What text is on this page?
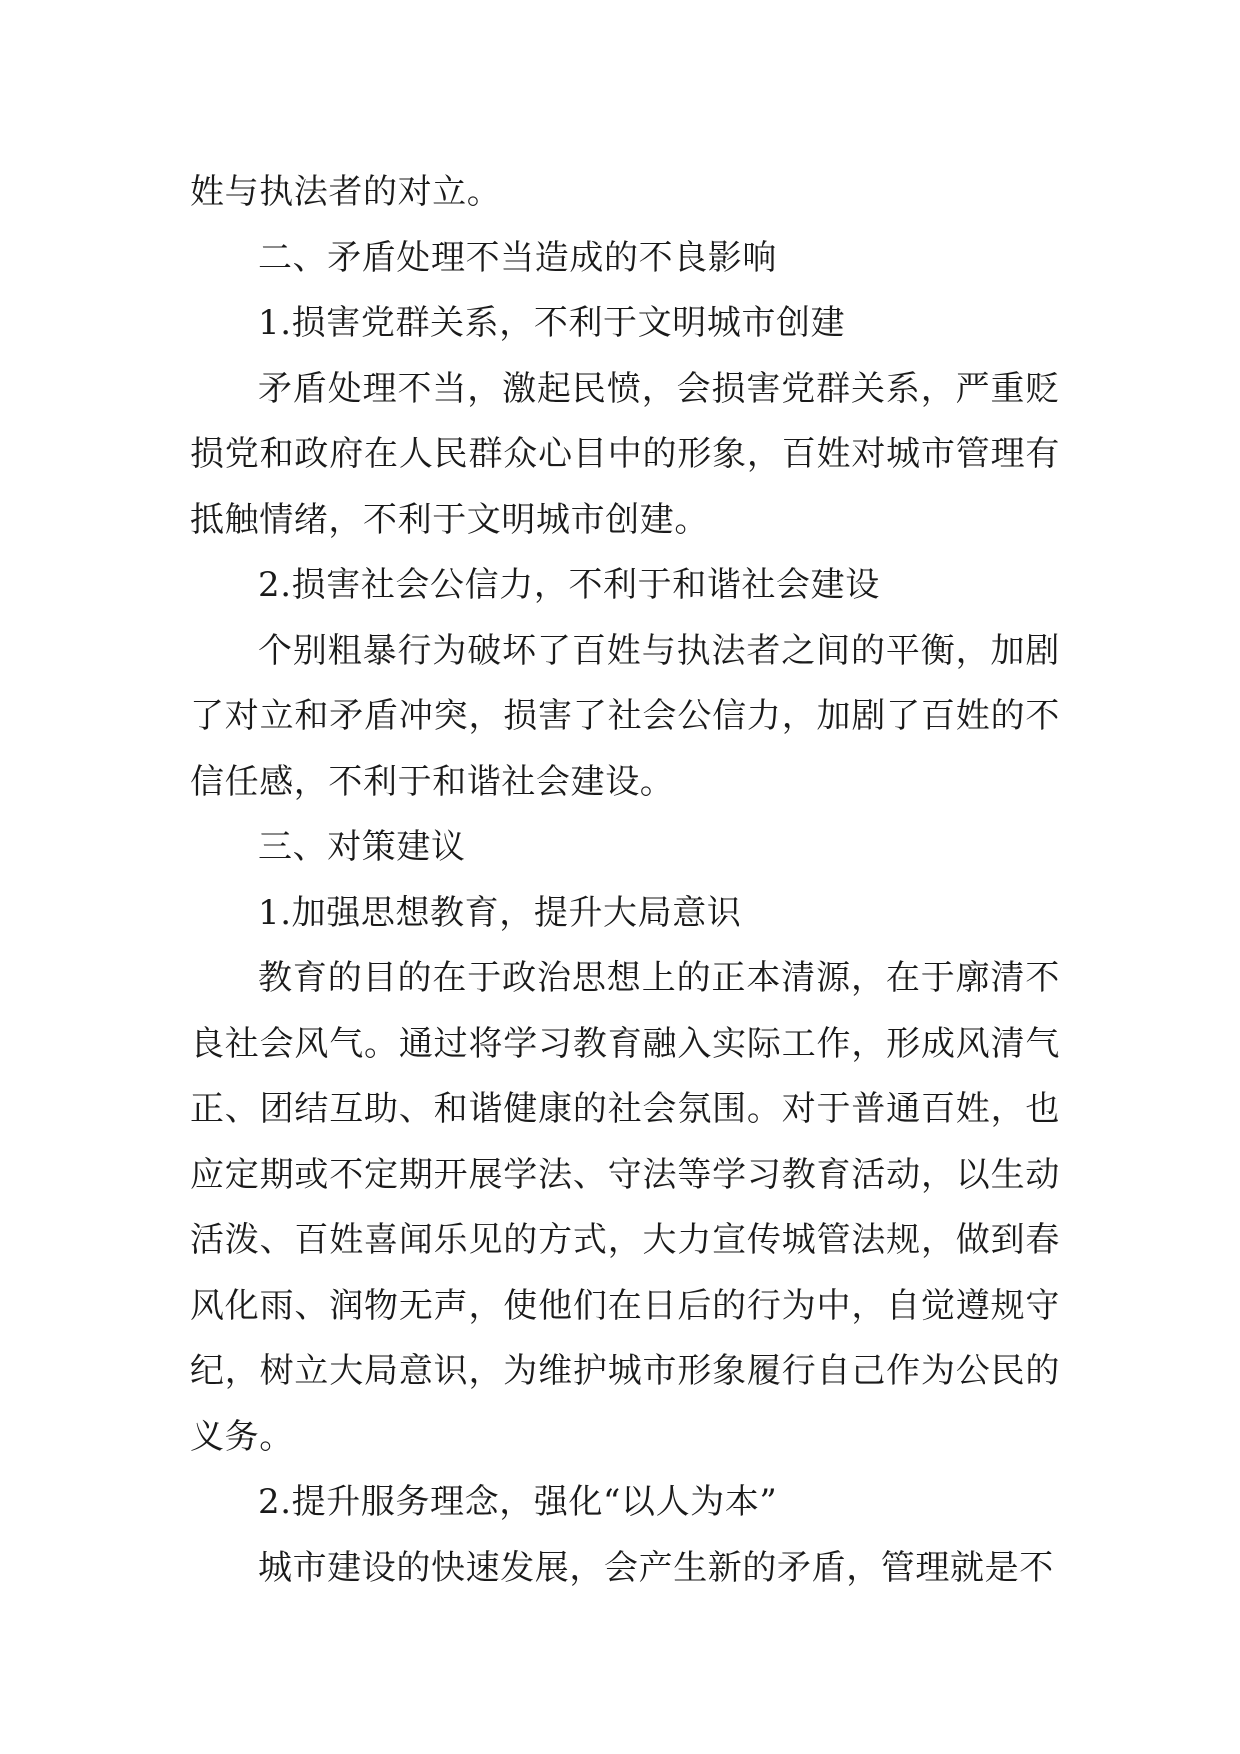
姓与执法者的对立。

二、矛盾处理不当造成的不良影响

1.损害党群关系，不利于文明城市创建

矛盾处理不当，激起民愤，会损害党群关系，严重贬损党和政府在人民群众心目中的形象，百姓对城市管理有抵触情绪，不利于文明城市创建。

2.损害社会公信力，不利于和谐社会建设

个别粗暴行为破坏了百姓与执法者之间的平衡，加剧了对立和矛盾冲突，损害了社会公信力，加剧了百姓的不信任感，不利于和谐社会建设。

三、对策建议

1.加强思想教育，提升大局意识

教育的目的在于政治思想上的正本清源，在于廓清不良社会风气。通过将学习教育融入实际工作，形成风清气正、团结互助、和谐健康的社会氛围。对于普通百姓，也应定期或不定期开展学法、守法等学习教育活动，以生动活泼、百姓喜闻乐见的方式，大力宣传城管法规，做到春风化雨、润物无声，使他们在日后的行为中，自觉遵规守纪，树立大局意识，为维护城市形象履行自己作为公民的义务。

2.提升服务理念，强化“以人为本”

城市建设的快速发展，会产生新的矛盾，管理就是不
